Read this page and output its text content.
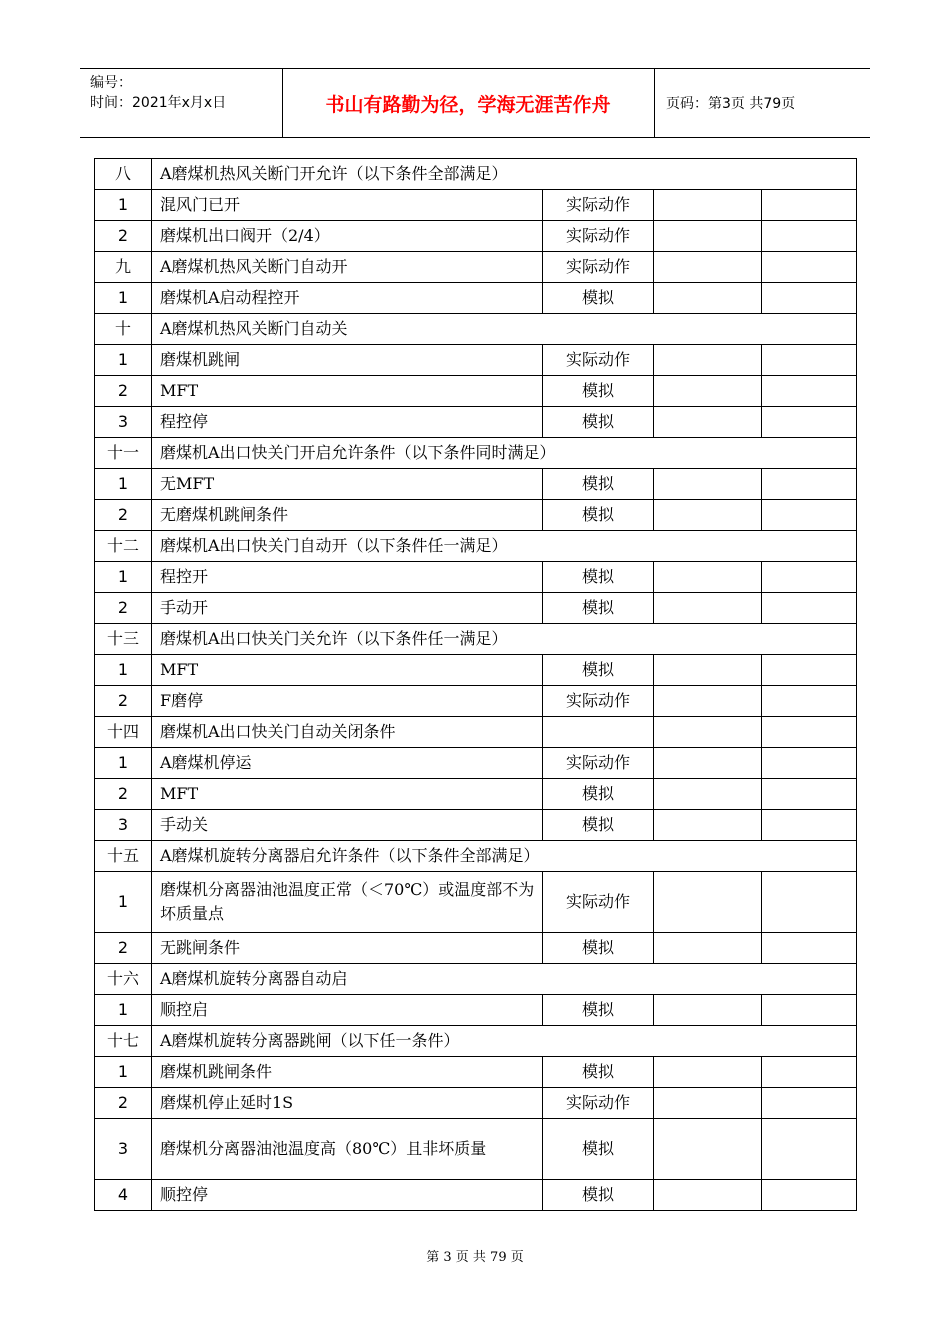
编号：
时间：2021年x月x日	书山有路勤为径，学海无涯苦作舟	页码：第3页 共79页
八	A磨煤机热风关断门开允许（以下条件全部满足）			
1	混风门已开	实际动作		
2	磨煤机出口阀开（2/4）	实际动作		
九	A磨煤机热风关断门自动开	实际动作		
1	磨煤机A启动程控开	模拟		
十	A磨煤机热风关断门自动关			
1	磨煤机跳闸	实际动作		
2	MFT	模拟		
3	程控停	模拟		
十一	磨煤机A出口快关门开启允许条件（以下条件同时满足）			
1	无MFT	模拟		
2	无磨煤机跳闸条件	模拟		
十二	磨煤机A出口快关门自动开（以下条件任一满足）			
1	程控开	模拟		
2	手动开	模拟		
十三	磨煤机A出口快关门关允许（以下条件任一满足）			
1	MFT	模拟		
2	F磨停	实际动作		
十四	磨煤机A出口快关门自动关闭条件			
1	A磨煤机停运	实际动作		
2	MFT	模拟		
3	手动关	模拟		
十五	A磨煤机旋转分离器启允许条件（以下条件全部满足）			
1	磨煤机分离器油池温度正常（＜70℃）或温度部不为坏质量点	实际动作		
2	无跳闸条件	模拟		
十六	A磨煤机旋转分离器自动启			
1	顺控启	模拟		
十七	A磨煤机旋转分离器跳闸（以下任一条件）			
1	磨煤机跳闸条件	模拟		
2	磨煤机停止延时1S	实际动作		
3	磨煤机分离器油池温度高（80℃）且非坏质量	模拟		
4	顺控停	模拟		
第 3 页 共 79 页
